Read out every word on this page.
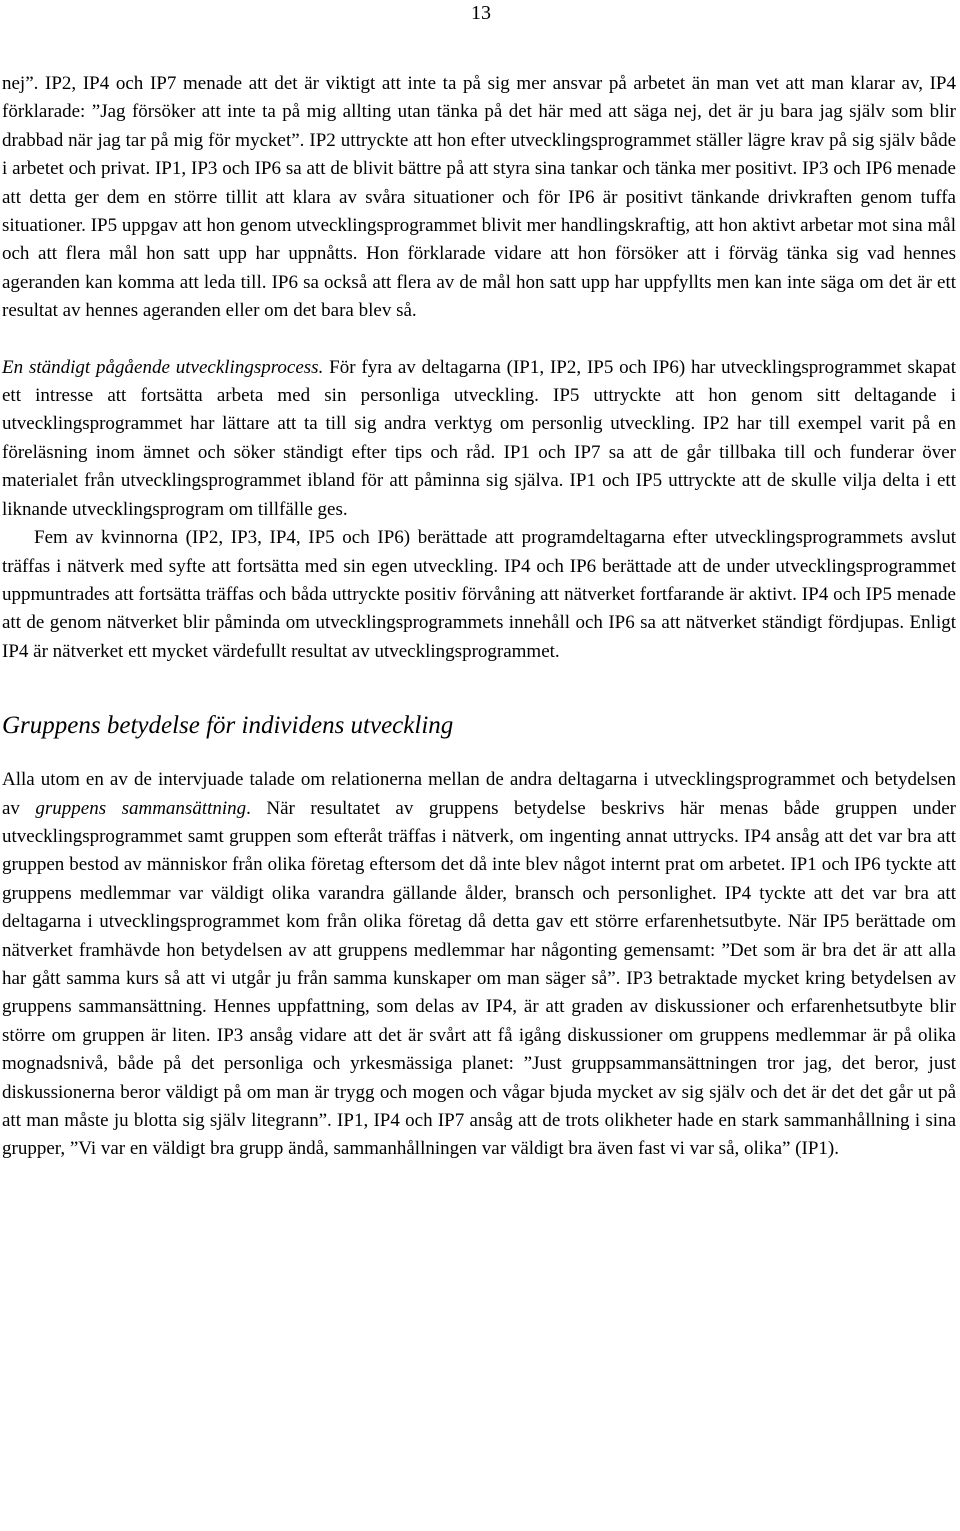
13

nej”. IP2, IP4 och IP7 menade att det är viktigt att inte ta på sig mer ansvar på arbetet än man vet att man klarar av, IP4 förklarade: ”Jag försöker att inte ta på mig allting utan tänka på det här med att säga nej, det är ju bara jag själv som blir drabbad när jag tar på mig för mycket”. IP2 uttryckte att hon efter utvecklingsprogrammet ställer lägre krav på sig själv både i arbetet och privat. IP1, IP3 och IP6 sa att de blivit bättre på att styra sina tankar och tänka mer positivt. IP3 och IP6 menade att detta ger dem en större tillit att klara av svåra situationer och för IP6 är positivt tänkande drivkraften genom tuffa situationer. IP5 uppgav att hon genom utvecklingsprogrammet blivit mer handlingskraftig, att hon aktivt arbetar mot sina mål och att flera mål hon satt upp har uppnåtts. Hon förklarade vidare att hon försöker att i förväg tänka sig vad hennes ageranden kan komma att leda till. IP6 sa också att flera av de mål hon satt upp har uppfyllts men kan inte säga om det är ett resultat av hennes ageranden eller om det bara blev så.

En ständigt pågående utvecklingsprocess. För fyra av deltagarna (IP1, IP2, IP5 och IP6) har utvecklingsprogrammet skapat ett intresse att fortsätta arbeta med sin personliga utveckling. IP5 uttryckte att hon genom sitt deltagande i utvecklingsprogrammet har lättare att ta till sig andra verktyg om personlig utveckling. IP2 har till exempel varit på en föreläsning inom ämnet och söker ständigt efter tips och råd. IP1 och IP7 sa att de går tillbaka till och funderar över materialet från utvecklingsprogrammet ibland för att påminna sig själva. IP1 och IP5 uttryckte att de skulle vilja delta i ett liknande utvecklingsprogram om tillfälle ges.

Fem av kvinnorna (IP2, IP3, IP4, IP5 och IP6) berättade att programdeltagarna efter utvecklingsprogrammets avslut träffas i nätverk med syfte att fortsätta med sin egen utveckling. IP4 och IP6 berättade att de under utvecklingsprogrammet uppmuntrades att fortsätta träffas och båda uttryckte positiv förvåning att nätverket fortfarande är aktivt. IP4 och IP5 menade att de genom nätverket blir påminda om utvecklingsprogrammets innehåll och IP6 sa att nätverket ständigt fördjupas. Enligt IP4 är nätverket ett mycket värdefullt resultat av utvecklingsprogrammet.

Gruppens betydelse för individens utveckling

Alla utom en av de intervjuade talade om relationerna mellan de andra deltagarna i utvecklingsprogrammet och betydelsen av gruppens sammansättning. När resultatet av gruppens betydelse beskrivs här menas både gruppen under utvecklingsprogrammet samt gruppen som efteråt träffas i nätverk, om ingenting annat uttrycks. IP4 ansåg att det var bra att gruppen bestod av människor från olika företag eftersom det då inte blev något internt prat om arbetet. IP1 och IP6 tyckte att gruppens medlemmar var väldigt olika varandra gällande ålder, bransch och personlighet. IP4 tyckte att det var bra att deltagarna i utvecklingsprogrammet kom från olika företag då detta gav ett större erfarenhetsutbyte. När IP5 berättade om nätverket framhävde hon betydelsen av att gruppens medlemmar har någonting gemensamt: ”Det som är bra det är att alla har gått samma kurs så att vi utgår ju från samma kunskaper om man säger så”. IP3 betraktade mycket kring betydelsen av gruppens sammansättning. Hennes uppfattning, som delas av IP4, är att graden av diskussioner och erfarenhetsutbyte blir större om gruppen är liten. IP3 ansåg vidare att det är svårt att få igång diskussioner om gruppens medlemmar är på olika mognadsnivå, både på det personliga och yrkesmässiga planet: ”Just gruppsammansättningen tror jag, det beror, just diskussionerna beror väldigt på om man är trygg och mogen och vågar bjuda mycket av sig själv och det är det det går ut på att man måste ju blotta sig själv litegrann”. IP1, IP4 och IP7 ansåg att de trots olikheter hade en stark sammanhållning i sina grupper, ”Vi var en väldigt bra grupp ändå, sammanhållningen var väldigt bra även fast vi var så, olika” (IP1).
